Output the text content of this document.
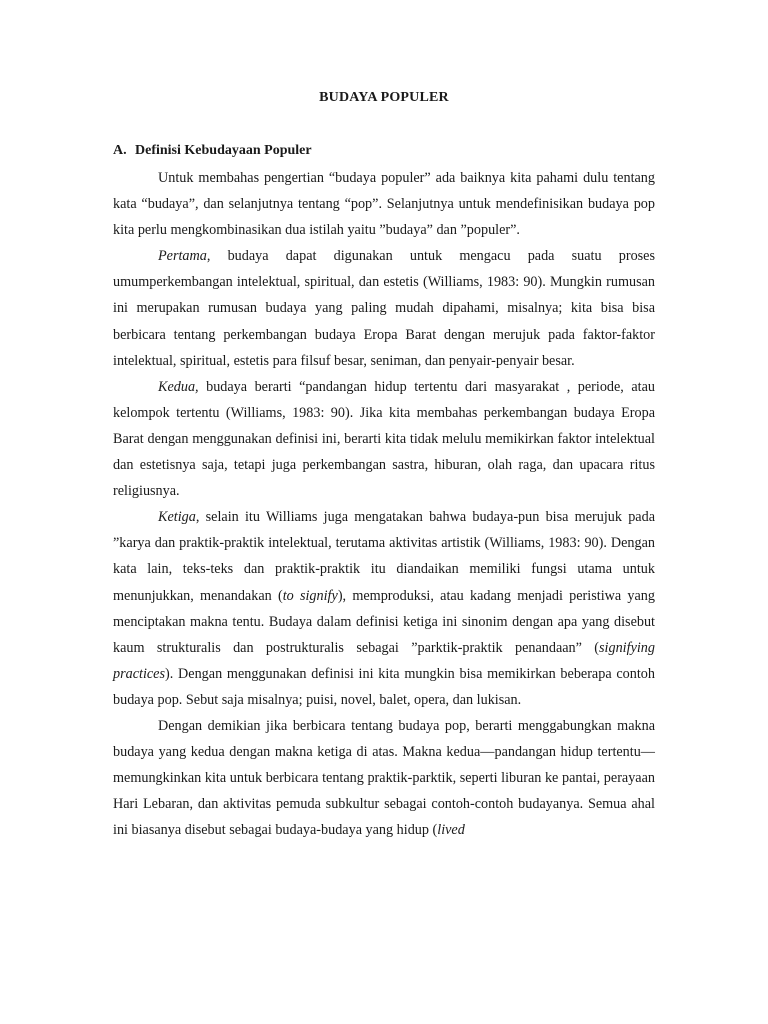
BUDAYA POPULER
A. Definisi Kebudayaan Populer

Untuk membahas pengertian “budaya populer” ada baiknya kita pahami dulu tentang kata “budaya”, dan selanjutnya tentang “pop”. Selanjutnya untuk mendefinisikan budaya pop kita perlu mengkombinasikan dua istilah yaitu ”budaya” dan ”populer”.

Pertama, budaya dapat digunakan untuk mengacu pada suatu proses umumperkembangan intelektual, spiritual, dan estetis (Williams, 1983: 90). Mungkin rumusan ini merupakan rumusan budaya yang paling mudah dipahami, misalnya; kita bisa bisa berbicara tentang perkembangan budaya Eropa Barat dengan merujuk pada faktor-faktor intelektual, spiritual, estetis para filsuf besar, seniman, dan penyair-penyair besar.

Kedua, budaya berarti “pandangan hidup tertentu dari masyarakat , periode, atau kelompok tertentu (Williams, 1983: 90). Jika kita membahas perkembangan budaya Eropa Barat dengan menggunakan definisi ini, berarti kita tidak melulu memikirkan faktor intelektual dan estetisnya saja, tetapi juga perkembangan sastra, hiburan, olah raga, dan upacara ritus religiusnya.

Ketiga, selain itu Williams juga mengatakan bahwa budaya-pun bisa merujuk pada ”karya dan praktik-praktik intelektual, terutama aktivitas artistik (Williams, 1983: 90). Dengan kata lain, teks-teks dan praktik-praktik itu diandaikan memiliki fungsi utama untuk menunjukkan, menandakan (to signify), memproduksi, atau kadang menjadi peristiwa yang menciptakan makna tentu. Budaya dalam definisi ketiga ini sinonim dengan apa yang disebut kaum strukturalis dan postrukturalis sebagai ”parktik-praktik penandaan” (signifying practices). Dengan menggunakan definisi ini kita mungkin bisa memikirkan beberapa contoh budaya pop. Sebut saja misalnya; puisi, novel, balet, opera, dan lukisan.

Dengan demikian jika berbicara tentang budaya pop, berarti menggabungkan makna budaya yang kedua dengan makna ketiga di atas. Makna kedua—pandangan hidup tertentu—memungkinkan kita untuk berbicara tentang praktik-parktik, seperti liburan ke pantai, perayaan Hari Lebaran, dan aktivitas pemuda subkultur sebagai contoh-contoh budayanya. Semua ahal ini biasanya disebut sebagai budaya-budaya yang hidup (lived
